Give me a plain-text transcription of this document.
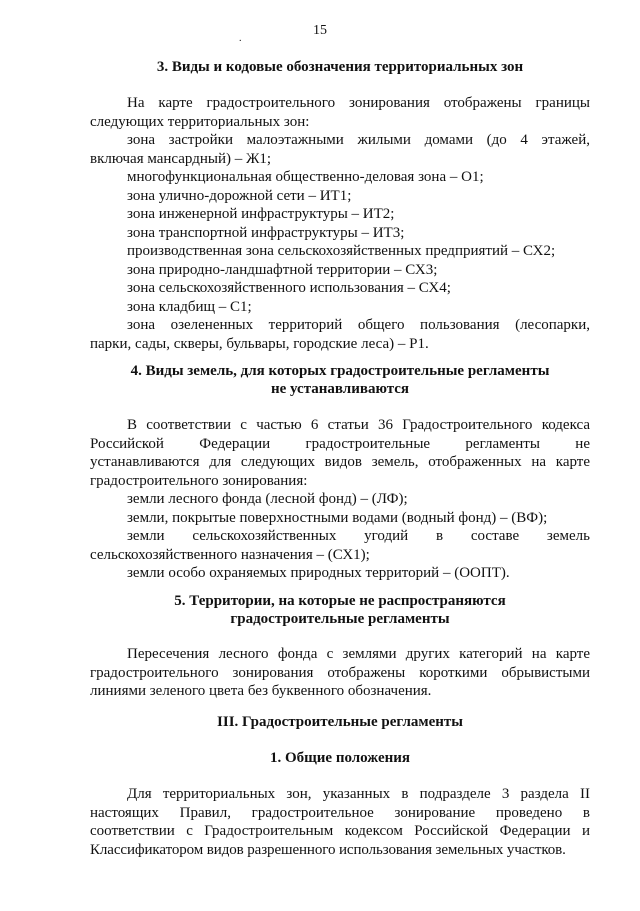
15
.
3. Виды и кодовые обозначения территориальных зон
На карте градостроительного зонирования отображены границы
следующих территориальных зон:
зона застройки малоэтажными жилыми домами (до 4 этажей,
включая мансардный) – Ж1;
многофункциональная общественно-деловая зона – О1;
зона улично-дорожной сети – ИТ1;
зона инженерной инфраструктуры – ИТ2;
зона транспортной инфраструктуры – ИТ3;
производственная зона сельскохозяйственных предприятий – СХ2;
зона природно-ландшафтной территории – СХ3;
зона сельскохозяйственного использования – СХ4;
зона кладбищ – С1;
зона озелененных территорий общего пользования (лесопарки,
парки, сады, скверы, бульвары, городские леса) – Р1.
4. Виды земель, для которых градостроительные регламенты
не устанавливаются
В соответствии с частью 6 статьи 36 Градостроительного кодекса
Российской Федерации градостроительные регламенты не
устанавливаются для следующих видов земель, отображенных на карте
градостроительного зонирования:
земли лесного фонда (лесной фонд) – (ЛФ);
земли, покрытые поверхностными водами (водный фонд) – (ВФ);
земли сельскохозяйственных угодий в составе земель
сельскохозяйственного назначения – (СХ1);
земли особо охраняемых природных территорий – (ООПТ).
5. Территории, на которые не распространяются
градостроительные регламенты
Пересечения лесного фонда с землями других категорий на карте
градостроительного зонирования отображены короткими обрывистыми
линиями зеленого цвета без буквенного обозначения.
III. Градостроительные регламенты
1. Общие положения
Для территориальных зон, указанных в подразделе 3 раздела II
настоящих Правил, градостроительное зонирование проведено в
соответствии с Градостроительным кодексом Российской Федерации и
Классификатором видов разрешенного использования земельных участков.
